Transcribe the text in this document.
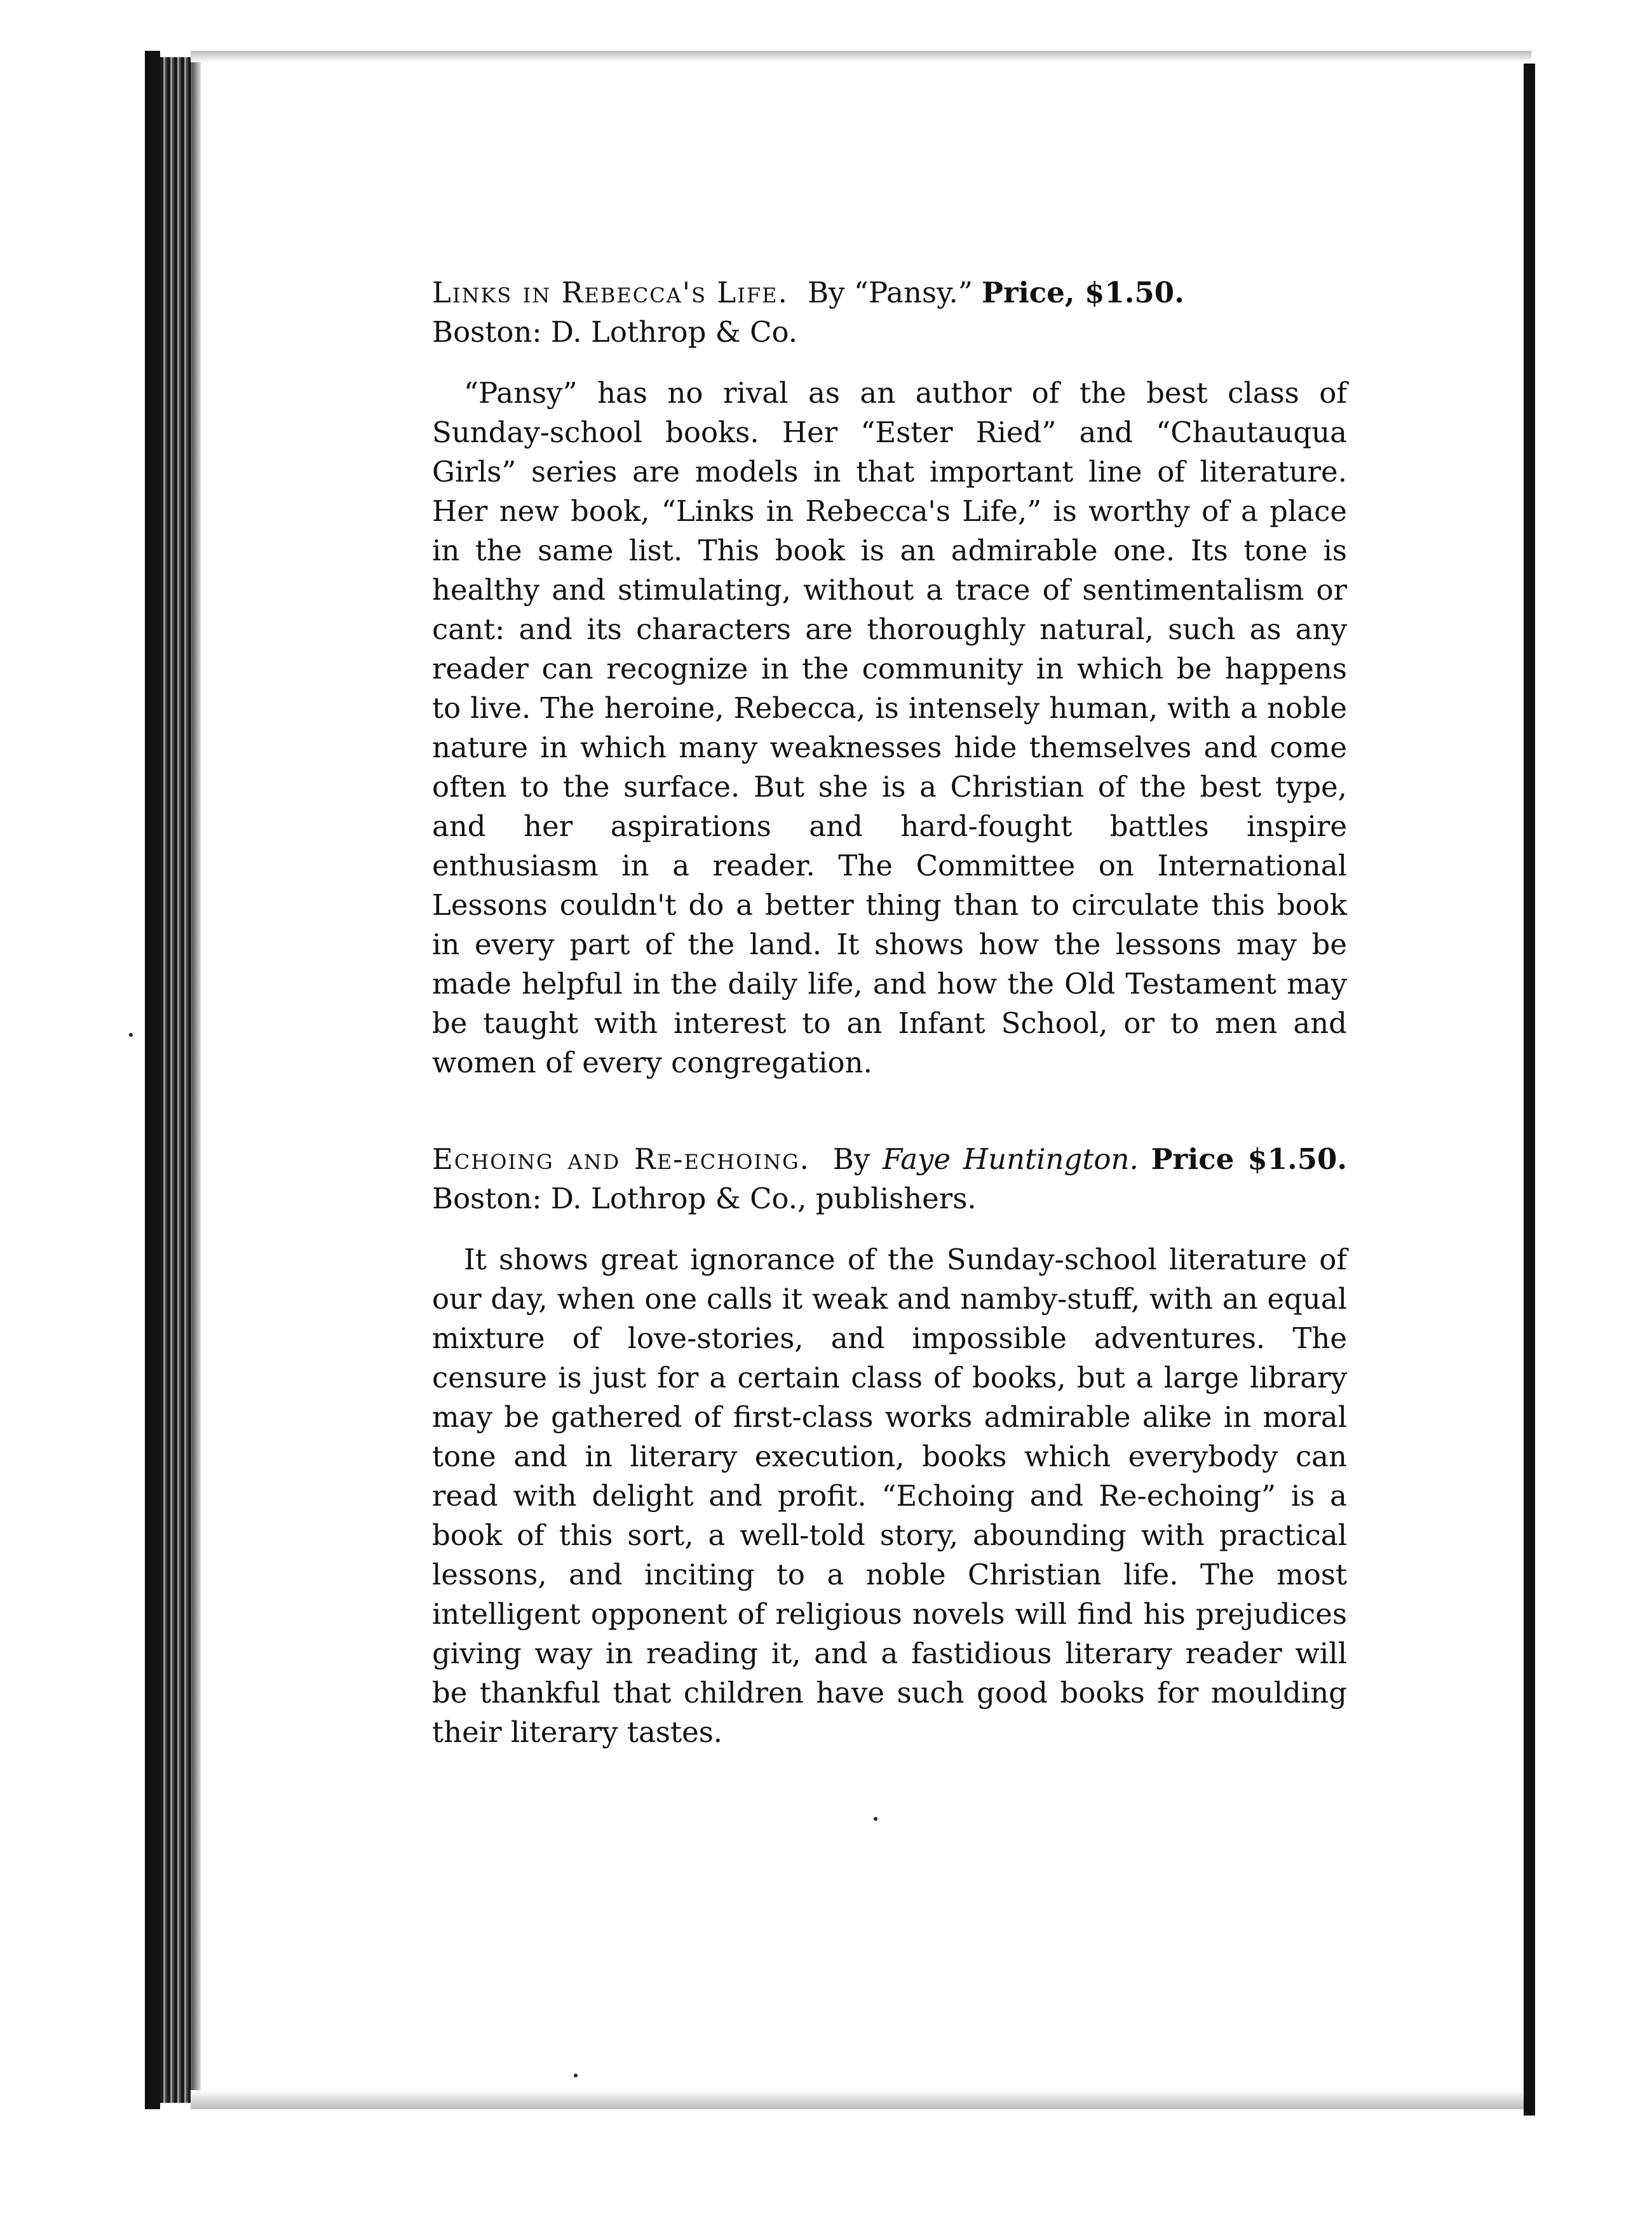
Links in Rebecca's Life. By “Pansy.” Price, $1.50.
Boston: D. Lothrop & Co.

“Pansy” has no rival as an author of the best class of Sunday-school books. Her “Ester Ried” and “Chautauqua Girls” series are models in that important line of literature. Her new book, “Links in Rebecca's Life,” is worthy of a place in the same list. This book is an admirable one. Its tone is healthy and stimulating, without a trace of sentimentalism or cant: and its characters are thoroughly natural, such as any reader can recognize in the community in which be happens to live. The heroine, Rebecca, is intensely human, with a noble nature in which many weaknesses hide themselves and come often to the surface. But she is a Christian of the best type, and her aspirations and hard-fought battles inspire enthusiasm in a reader. The Committee on International Lessons couldn't do a better thing than to circulate this book in every part of the land. It shows how the lessons may be made helpful in the daily life, and how the Old Testament may be taught with interest to an Infant School, or to men and women of every congregation.

Echoing and Re-echoing. By Faye Huntington. Price $1.50. Boston: D. Lothrop & Co., publishers.

It shows great ignorance of the Sunday-school literature of our day, when one calls it weak and namby-stuff, with an equal mixture of love-stories, and impossible adventures. The censure is just for a certain class of books, but a large library may be gathered of first-class works admirable alike in moral tone and in literary execution, books which everybody can read with delight and profit. “Echoing and Re-echoing” is a book of this sort, a well-told story, abounding with practical lessons, and inciting to a noble Christian life. The most intelligent opponent of religious novels will find his prejudices giving way in reading it, and a fastidious literary reader will be thankful that children have such good books for moulding their literary tastes.
